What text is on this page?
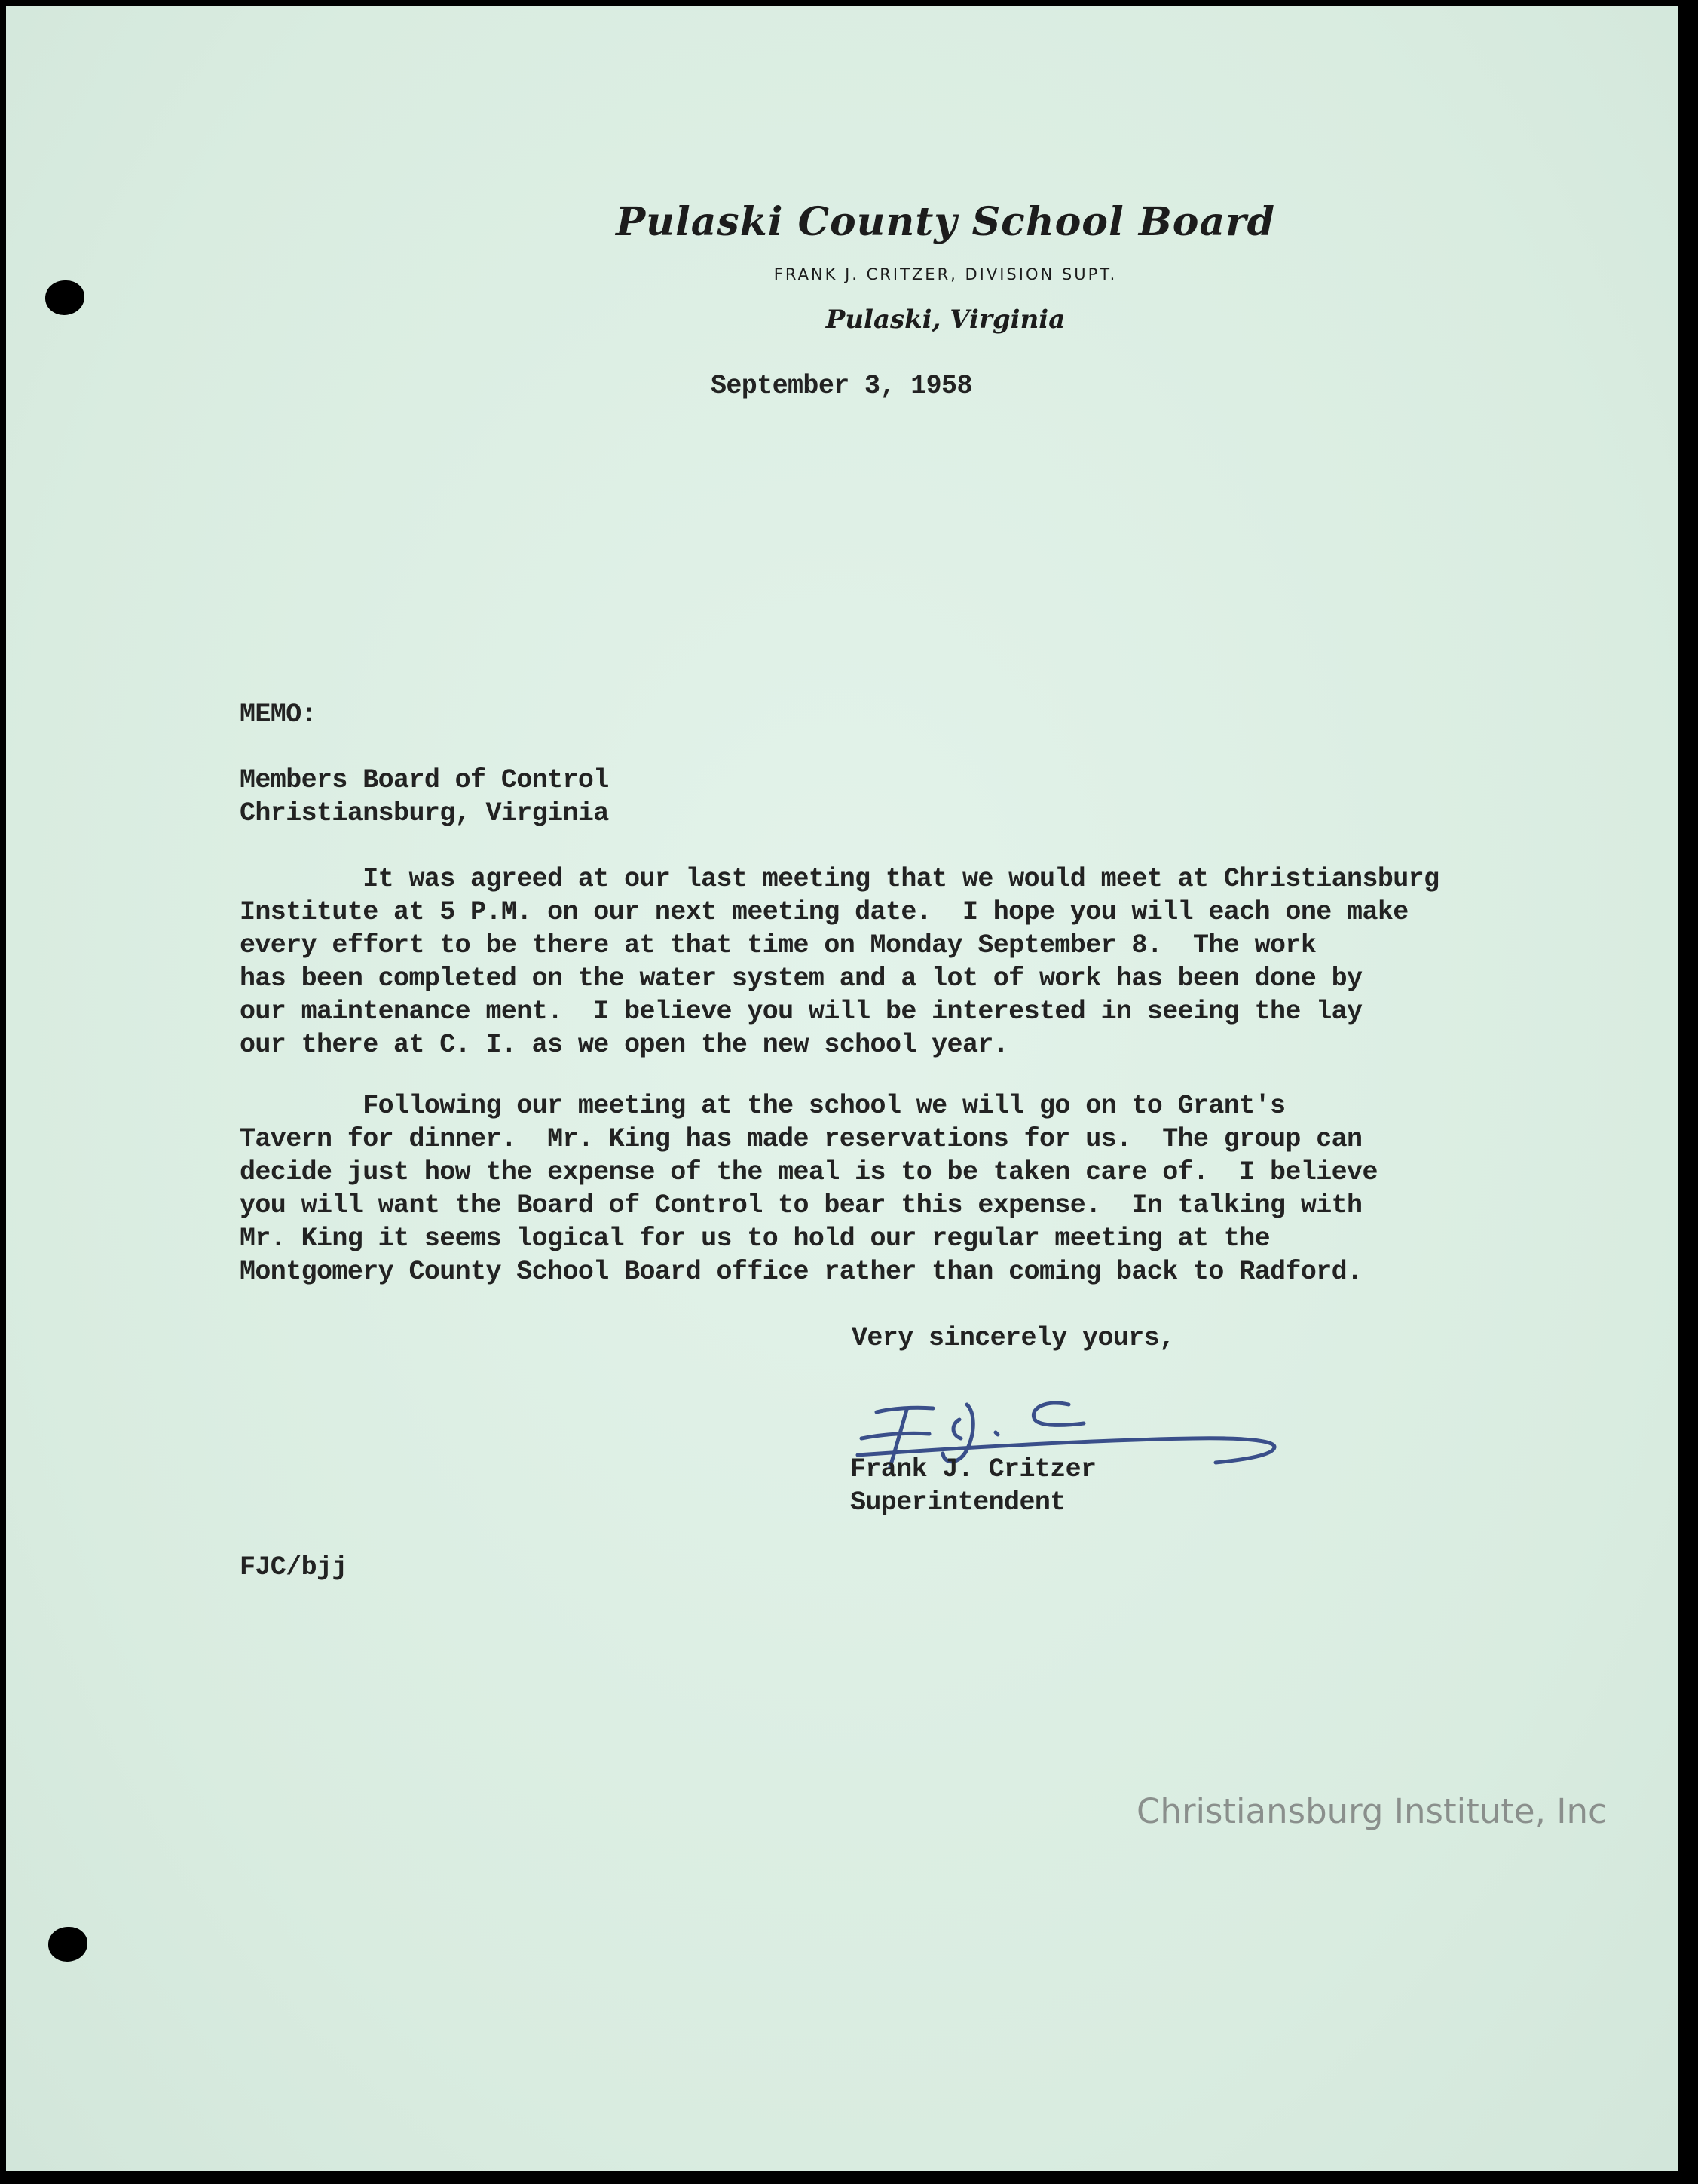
Pulaski County School Board
FRANK J. CRITZER, DIVISION SUPT.
Pulaski, Virginia
September 3, 1958
MEMO:
Members Board of Control
Christiansburg, Virginia
It was agreed at our last meeting that we would meet at Christiansburg
Institute at 5 P.M. on our next meeting date.  I hope you will each one make
every effort to be there at that time on Monday September 8.  The work
has been completed on the water system and a lot of work has been done by
our maintenance ment.  I believe you will be interested in seeing the lay
our there at C. I. as we open the new school year.
Following our meeting at the school we will go on to Grant's
Tavern for dinner.  Mr. King has made reservations for us.  The group can
decide just how the expense of the meal is to be taken care of.  I believe
you will want the Board of Control to bear this expense.  In talking with
Mr. King it seems logical for us to hold our regular meeting at the
Montgomery County School Board office rather than coming back to Radford.
Very sincerely yours,
Frank J. Critzer
Superintendent
FJC/bjj
Christiansburg Institute, Inc
